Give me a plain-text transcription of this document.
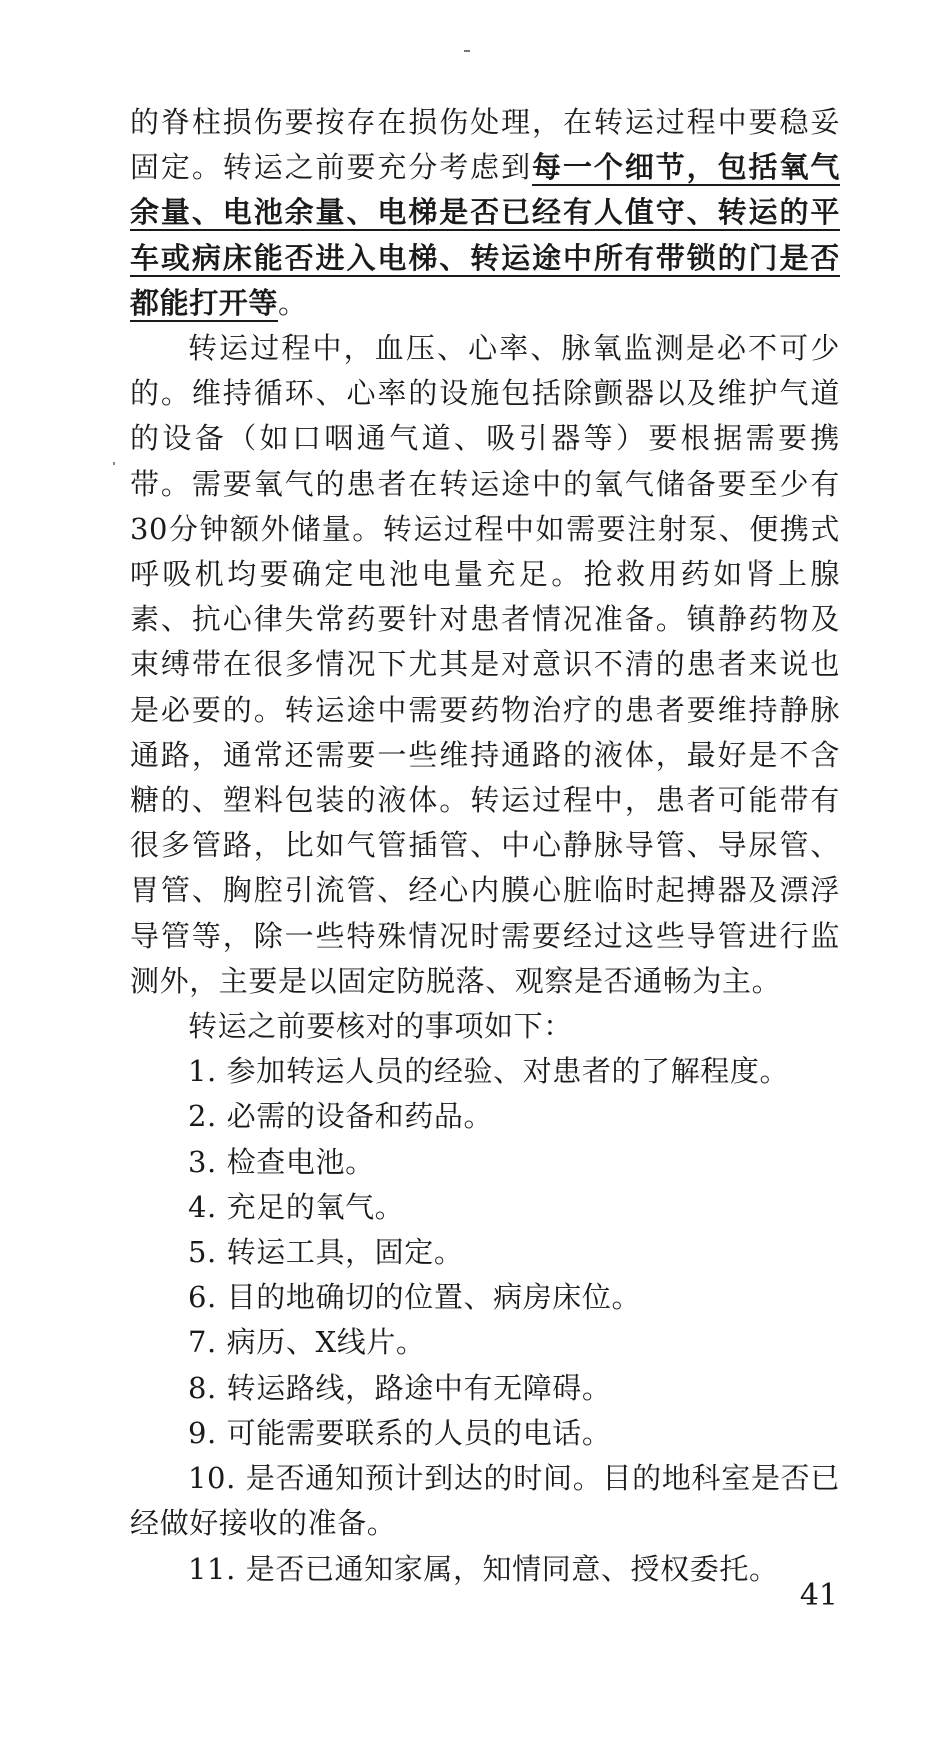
的脊柱损伤要按存在损伤处理，在转运过程中要稳妥固定。转运之前要充分考虑到每一个细节，包括氧气余量、电池余量、电梯是否已经有人值守、转运的平车或病床能否进入电梯、转运途中所有带锁的门是否都能打开等。

转运过程中，血压、心率、脉氧监测是必不可少的。维持循环、心率的设施包括除颤器以及维护气道的设备（如口咽通气道、吸引器等）要根据需要携带。需要氧气的患者在转运途中的氧气储备要至少有30分钟额外储量。转运过程中如需要注射泵、便携式呼吸机均要确定电池电量充足。抢救用药如肾上腺素、抗心律失常药要针对患者情况准备。镇静药物及束缚带在很多情况下尤其是对意识不清的患者来说也是必要的。转运途中需要药物治疗的患者要维持静脉通路，通常还需要一些维持通路的液体，最好是不含糖的、塑料包装的液体。转运过程中，患者可能带有很多管路，比如气管插管、中心静脉导管、导尿管、胃管、胸腔引流管、经心内膜心脏临时起搏器及漂浮导管等，除一些特殊情况时需要经过这些导管进行监测外，主要是以固定防脱落、观察是否通畅为主。

转运之前要核对的事项如下：

1. 参加转运人员的经验、对患者的了解程度。

2. 必需的设备和药品。

3. 检查电池。

4. 充足的氧气。

5. 转运工具，固定。

6. 目的地确切的位置、病房床位。

7. 病历、X线片。

8. 转运路线，路途中有无障碍。

9. 可能需要联系的人员的电话。

10. 是否通知预计到达的时间。目的地科室是否已经做好接收的准备。

11. 是否已通知家属，知情同意、授权委托。

41
